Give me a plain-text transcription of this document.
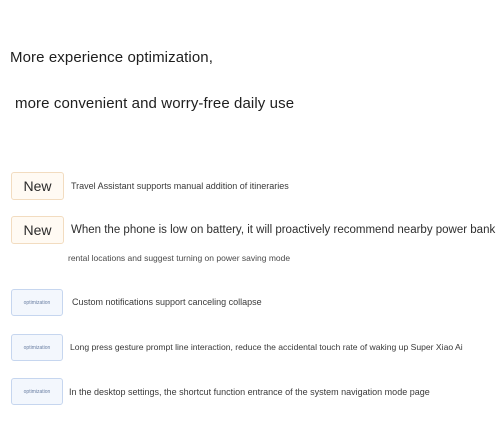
More experience optimization,
more convenient and worry-free daily use
New	Travel Assistant supports manual addition of itineraries
New	When the phone is low on battery, it will proactively recommend nearby power bank
rental locations and suggest turning on power saving mode
optimization	Custom notifications support canceling collapse
optimization	Long press gesture prompt line interaction, reduce the accidental touch rate of waking up Super Xiao Ai
optimization	In the desktop settings, the shortcut function entrance of the system navigation mode page
